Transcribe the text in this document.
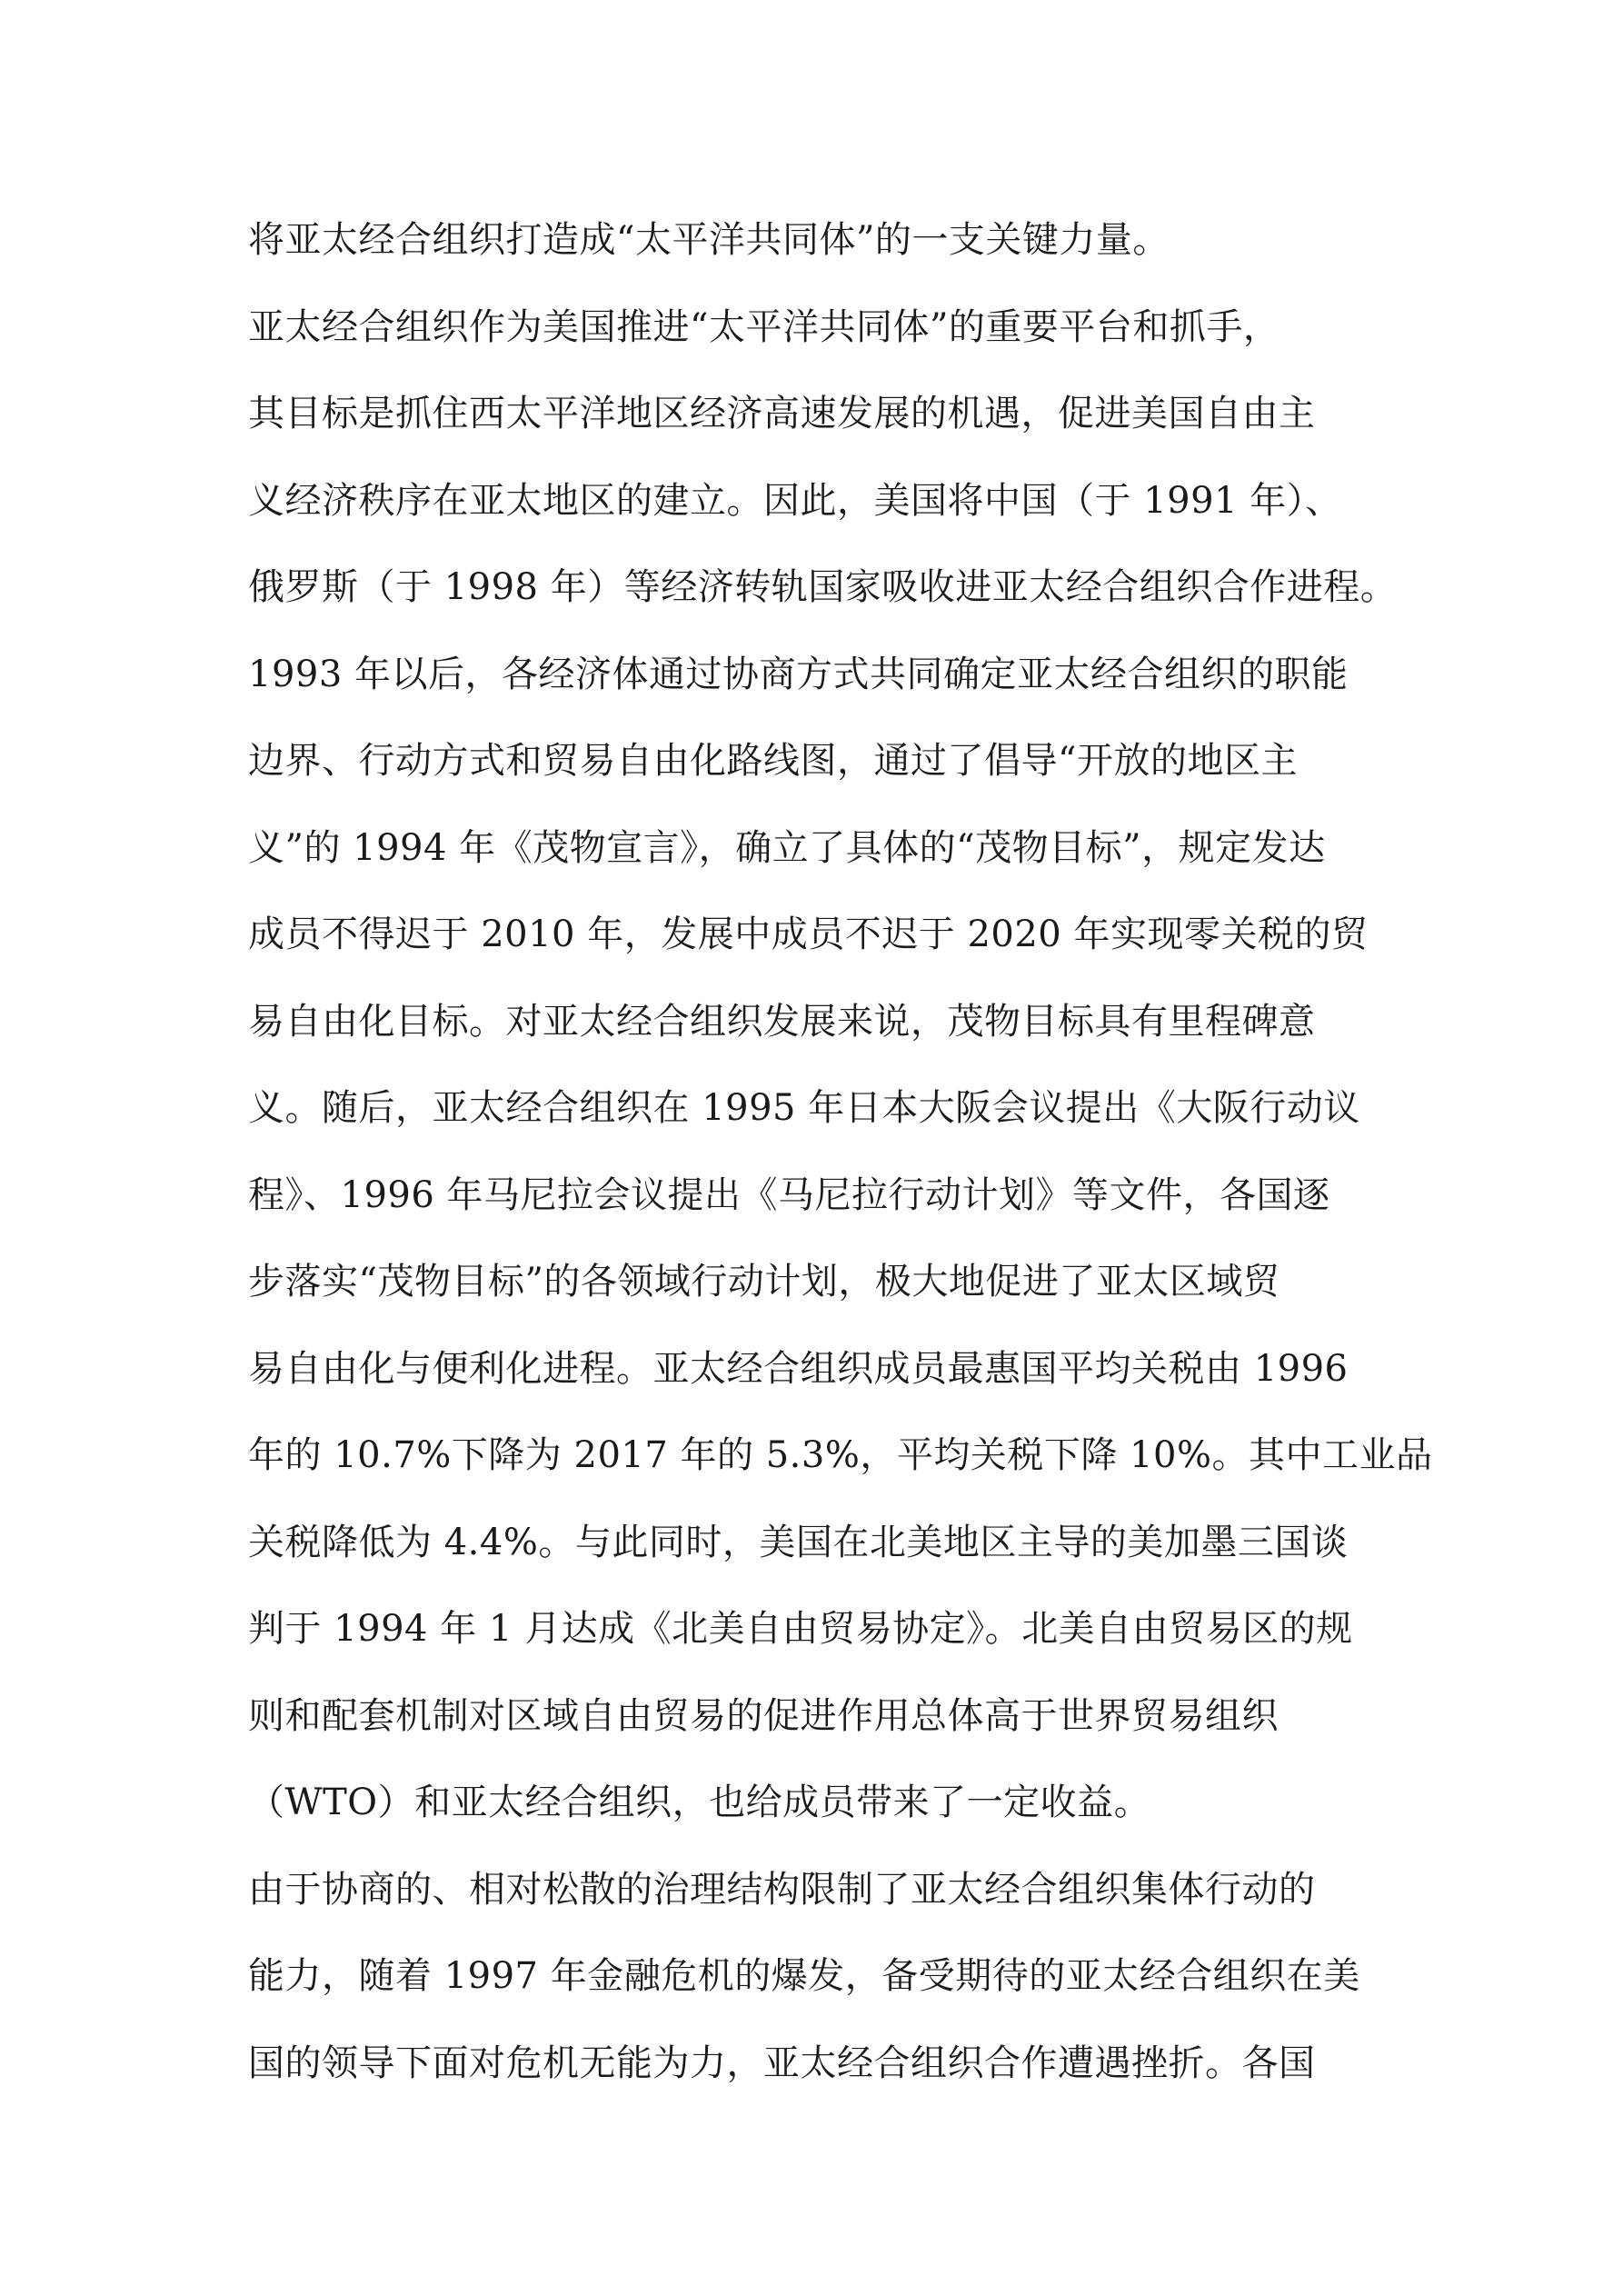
将亚太经合组织打造成“太平洋共同体”的一支关键力量。
亚太经合组织作为美国推进“太平洋共同体”的重要平台和抓手，
其目标是抓住西太平洋地区经济高速发展的机遇，促进美国自由主
义经济秩序在亚太地区的建立。因此，美国将中国（于 1991 年）、
俄罗斯（于 1998 年）等经济转轨国家吸收进亚太经合组织合作进程。
1993 年以后，各经济体通过协商方式共同确定亚太经合组织的职能
边界、行动方式和贸易自由化路线图，通过了倡导“开放的地区主
义”的 1994 年《茂物宣言》，确立了具体的“茂物目标”，规定发达
成员不得迟于 2010 年，发展中成员不迟于 2020 年实现零关税的贸
易自由化目标。对亚太经合组织发展来说，茂物目标具有里程碑意
义。随后，亚太经合组织在 1995 年日本大阪会议提出《大阪行动议
程》、1996 年马尼拉会议提出《马尼拉行动计划》等文件，各国逐
步落实“茂物目标”的各领域行动计划，极大地促进了亚太区域贸
易自由化与便利化进程。亚太经合组织成员最惠国平均关税由 1996
年的 10.7%下降为 2017 年的 5.3%，平均关税下降 10%。其中工业品
关税降低为 4.4%。与此同时，美国在北美地区主导的美加墨三国谈
判于 1994 年 1 月达成《北美自由贸易协定》。北美自由贸易区的规
则和配套机制对区域自由贸易的促进作用总体高于世界贸易组织
（WTO）和亚太经合组织，也给成员带来了一定收益。
由于协商的、相对松散的治理结构限制了亚太经合组织集体行动的
能力，随着 1997 年金融危机的爆发，备受期待的亚太经合组织在美
国的领导下面对危机无能为力，亚太经合组织合作遭遇挫折。各国
